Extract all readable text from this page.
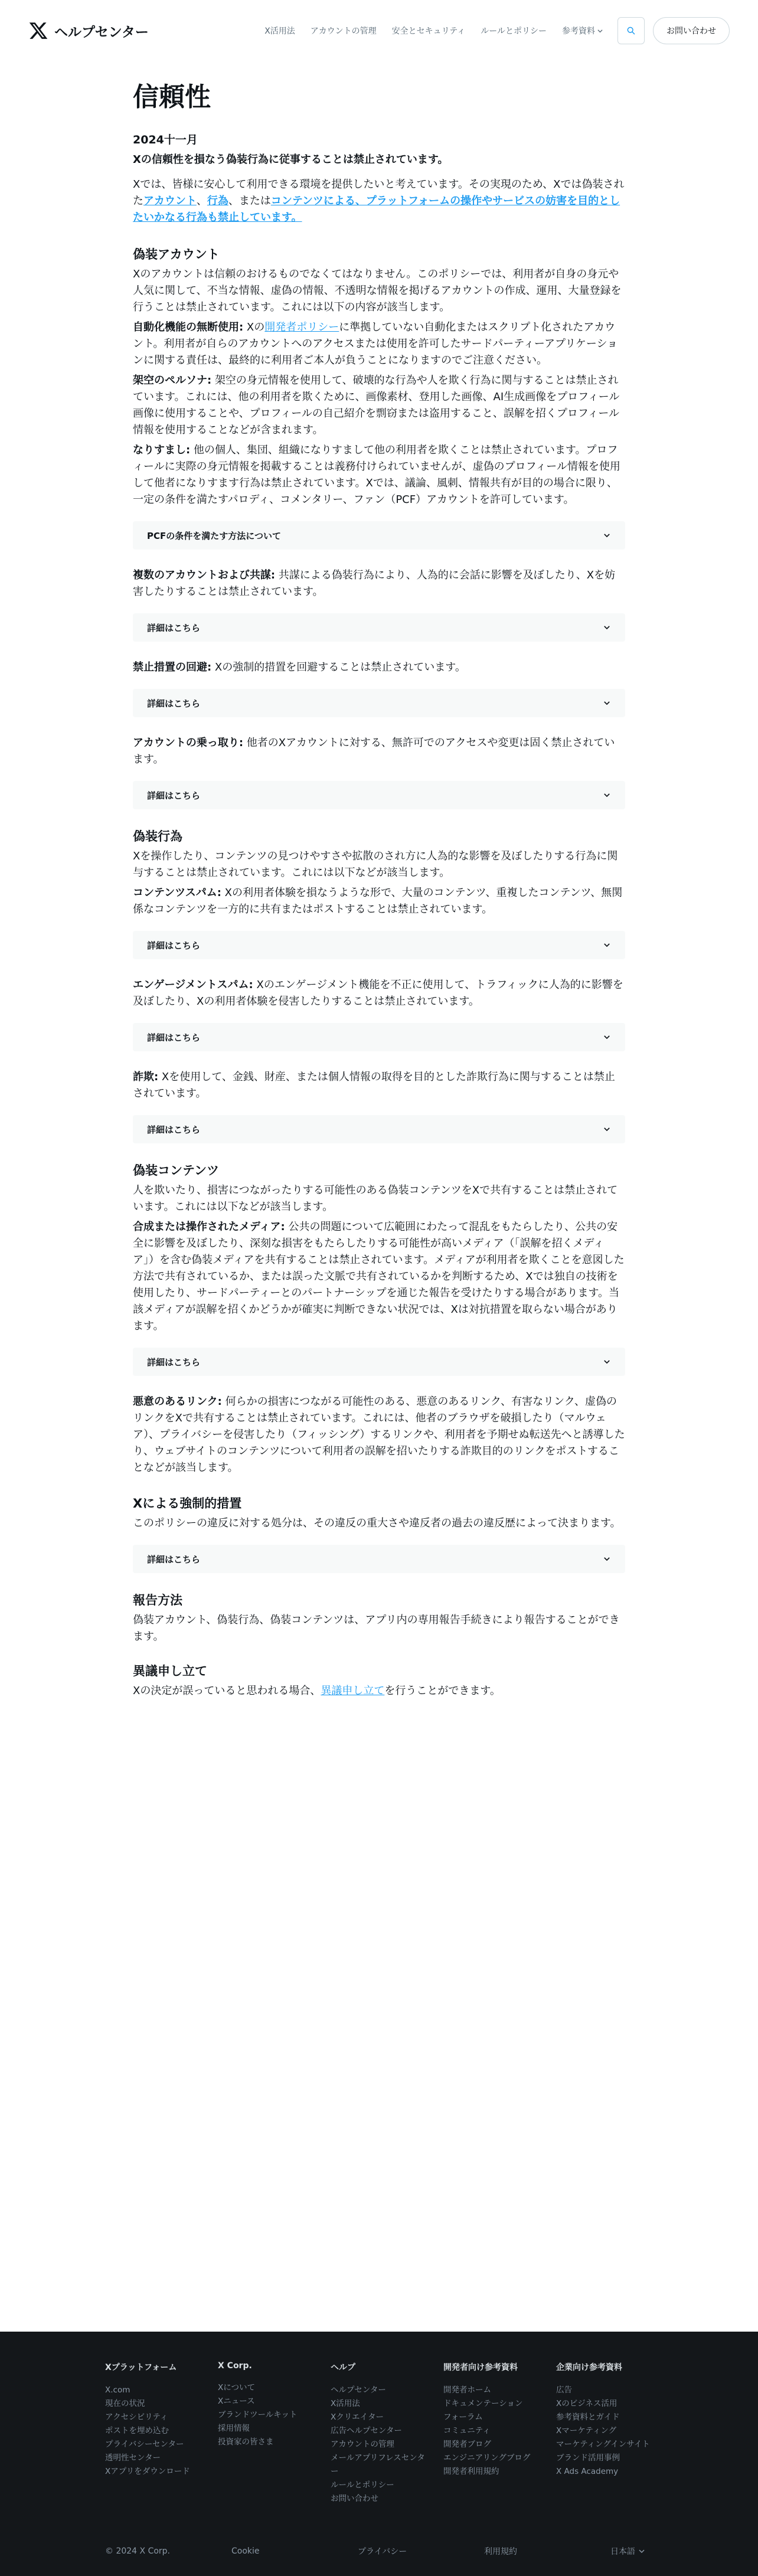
ヘルプセンター	X活用法 アカウントの管理 安全とセキュリティ ルールとポリシー 参考資料	お問い合わせ
信頼性
2024十一月

Xの信頼性を損なう偽装行為に従事することは禁止されています。

Xでは、皆様に安心して利用できる環境を提供したいと考えています。その実現のため、Xでは偽装されたアカウント、行為、またはコンテンツによる、プラットフォームの操作やサービスの妨害を目的としたいかなる行為も禁止しています。

偽装アカウント

Xのアカウントは信頼のおけるものでなくてはなりません。このポリシーでは、利用者が自身の身元や人気に関して、不当な情報、虚偽の情報、不透明な情報を掲げるアカウントの作成、運用、大量登録を行うことは禁止されています。これには以下の内容が該当します。

自動化機能の無断使用: Xの開発者ポリシーに準拠していない自動化またはスクリプト化されたアカウント。利用者が自らのアカウントへのアクセスまたは使用を許可したサードパーティーアプリケーションに関する責任は、最終的に利用者ご本人が負うことになりますのでご注意ください。

架空のペルソナ: 架空の身元情報を使用して、破壊的な行為や人を欺く行為に関与することは禁止されています。これには、他の利用者を欺くために、画像素材、登用した画像、AI生成画像をプロフィール画像に使用することや、プロフィールの自己紹介を剽窃または盗用すること、誤解を招くプロフィール情報を使用することなどが含まれます。

なりすまし: 他の個人、集団、組織になりすまして他の利用者を欺くことは禁止されています。プロフィールに実際の身元情報を掲載することは義務付けられていませんが、虚偽のプロフィール情報を使用して他者になりすます行為は禁止されています。Xでは、議論、風刺、情報共有が目的の場合に限り、一定の条件を満たすパロディ、コメンタリー、ファン（PCF）アカウントを許可しています。

PCFの条件を満たす方法について

複数のアカウントおよび共謀: 共謀による偽装行為により、人為的に会話に影響を及ぼしたり、Xを妨害したりすることは禁止されています。

詳細はこちら

禁止措置の回避: Xの強制的措置を回避することは禁止されています。

詳細はこちら

アカウントの乗っ取り: 他者のXアカウントに対する、無許可でのアクセスや変更は固く禁止されています。

詳細はこちら
偽装行為

Xを操作したり、コンテンツの見つけやすさや拡散のされ方に人為的な影響を及ぼしたりする行為に関与することは禁止されています。これには以下などが該当します。

コンテンツスパム: Xの利用者体験を損なうような形で、大量のコンテンツ、重複したコンテンツ、無関係なコンテンツを一方的に共有またはポストすることは禁止されています。

詳細はこちら

エンゲージメントスパム: Xのエンゲージメント機能を不正に使用して、トラフィックに人為的に影響を及ぼしたり、Xの利用者体験を侵害したりすることは禁止されています。

詳細はこちら

詐欺: Xを使用して、金銭、財産、または個人情報の取得を目的とした詐欺行為に関与することは禁止されています。

詳細はこちら
偽装コンテンツ

人を欺いたり、損害につながったりする可能性のある偽装コンテンツをXで共有することは禁止されています。これには以下などが該当します。

合成または操作されたメディア: 公共の問題について広範囲にわたって混乱をもたらしたり、公共の安全に影響を及ぼしたり、深刻な損害をもたらしたりする可能性が高いメディア（「誤解を招くメディア」）を含む偽装メディアを共有することは禁止されています。メディアが利用者を欺くことを意図した方法で共有されているか、または誤った文脈で共有されているかを判断するため、Xでは独自の技術を使用したり、サードパーティーとのパートナーシップを通じた報告を受けたりする場合があります。当該メディアが誤解を招くかどうかが確実に判断できない状況では、Xは対抗措置を取らない場合があります。

詳細はこちら

悪意のあるリンク: 何らかの損害につながる可能性のある、悪意のあるリンク、有害なリンク、虚偽のリンクをXで共有することは禁止されています。これには、他者のブラウザを破損したり（マルウェア）、プライバシーを侵害したり（フィッシング）するリンクや、利用者を予期せぬ転送先へと誘導したり、ウェブサイトのコンテンツについて利用者の誤解を招いたりする詐欺目的のリンクをポストすることなどが該当します。

Xによる強制的措置

このポリシーの違反に対する処分は、その違反の重大さや違反者の過去の違反歴によって決まります。

詳細はこちら
報告方法

偽装アカウント、偽装行為、偽装コンテンツは、アプリ内の専用報告手続きにより報告することができます。

異議申し立て

Xの決定が誤っていると思われる場合、異議申し立てを行うことができます。

Xプラットフォーム
X.com
現在の状況
アクセシビリティ
ポストを埋め込む
プライバシーセンター
透明性センター
Xアプリをダウンロード
X Corp.
Xについて
Xニュース
ブランドツールキット
採用情報
投資家の皆さま
ヘルプ
ヘルプセンター
X活用法
Xクリエイター
広告ヘルプセンター
アカウントの管理
メールアプリフレスセンター
ルールとポリシー
お問い合わせ
開発者向け参考資料
開発者ホーム
ドキュメンテーション
フォーラム
コミュニティ
開発者ブログ
エンジニアリングブログ
開発者利用規約
企業向け参考資料
広告
Xのビジネス活用
参考資料とガイド
Xマーケティング
マーケティングインサイト
ブランド活用事例
X Ads Academy
© 2024 X Corp.	Cookie	プライバシー	利用規約	日本語
